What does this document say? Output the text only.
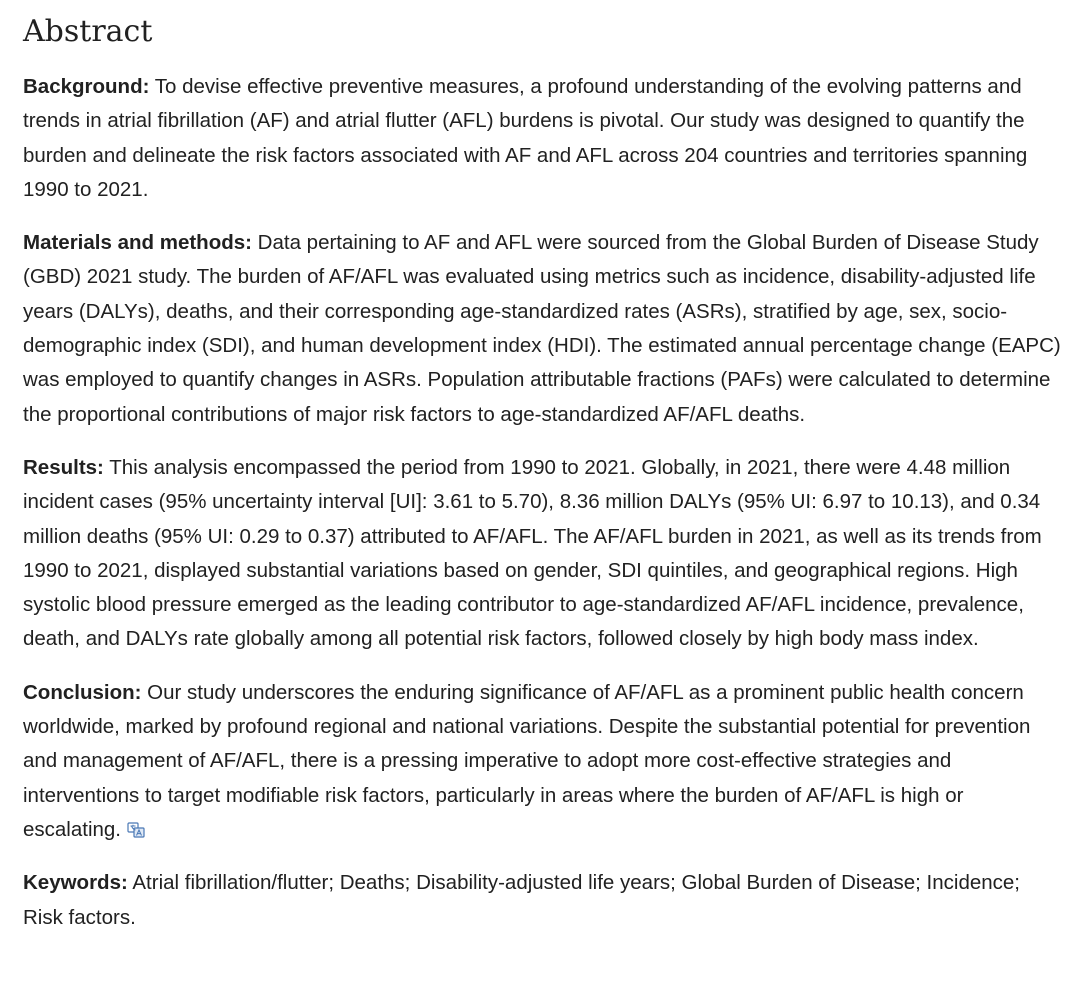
Abstract

Background: To devise effective preventive measures, a profound understanding of the evolving patterns and trends in atrial fibrillation (AF) and atrial flutter (AFL) burdens is pivotal. Our study was designed to quantify the burden and delineate the risk factors associated with AF and AFL across 204 countries and territories spanning 1990 to 2021.

Materials and methods: Data pertaining to AF and AFL were sourced from the Global Burden of Disease Study (GBD) 2021 study. The burden of AF/AFL was evaluated using metrics such as incidence, disability-adjusted life years (DALYs), deaths, and their corresponding age-standardized rates (ASRs), stratified by age, sex, socio-demographic index (SDI), and human development index (HDI). The estimated annual percentage change (EAPC) was employed to quantify changes in ASRs. Population attributable fractions (PAFs) were calculated to determine the proportional contributions of major risk factors to age-standardized AF/AFL deaths.

Results: This analysis encompassed the period from 1990 to 2021. Globally, in 2021, there were 4.48 million incident cases (95% uncertainty interval [UI]: 3.61 to 5.70), 8.36 million DALYs (95% UI: 6.97 to 10.13), and 0.34 million deaths (95% UI: 0.29 to 0.37) attributed to AF/AFL. The AF/AFL burden in 2021, as well as its trends from 1990 to 2021, displayed substantial variations based on gender, SDI quintiles, and geographical regions. High systolic blood pressure emerged as the leading contributor to age-standardized AF/AFL incidence, prevalence, death, and DALYs rate globally among all potential risk factors, followed closely by high body mass index.

Conclusion: Our study underscores the enduring significance of AF/AFL as a prominent public health concern worldwide, marked by profound regional and national variations. Despite the substantial potential for prevention and management of AF/AFL, there is a pressing imperative to adopt more cost-effective strategies and interventions to target modifiable risk factors, particularly in areas where the burden of AF/AFL is high or escalating.

Keywords: Atrial fibrillation/flutter; Deaths; Disability-adjusted life years; Global Burden of Disease; Incidence; Risk factors.
